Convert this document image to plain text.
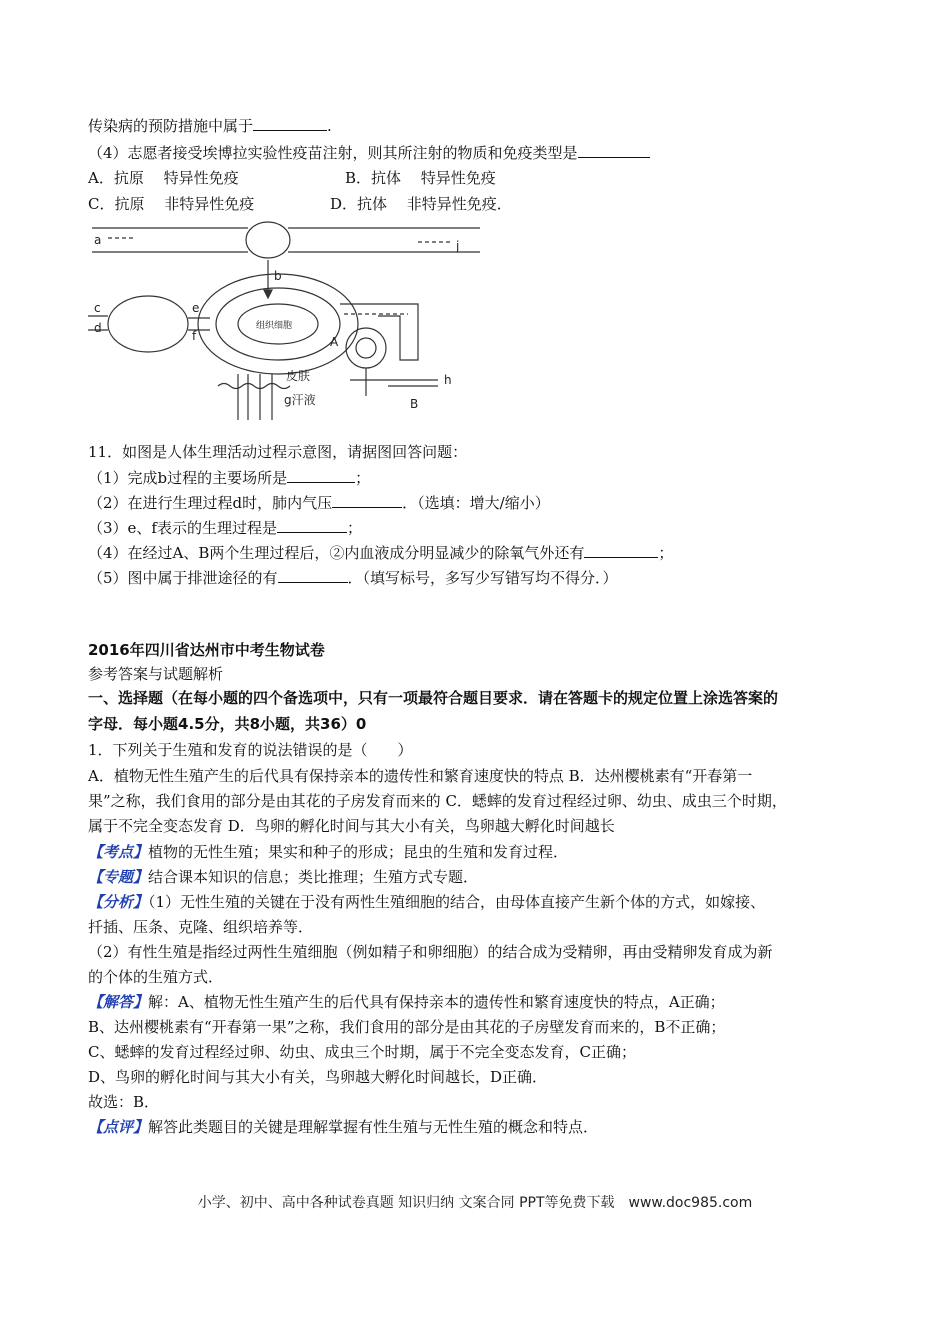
传染病的预防措施中属于	.
（4）志愿者接受埃博拉实验性疫苗注射，则其所注射的物质和免疫类型是
A．抗原　 特异性免疫	B．抗体　 特异性免疫
C．抗原　 非特异性免疫	D．抗体　 非特异性免疫．
a	j
b
c
d
e
f
组织细胞
A
B
h
皮肤
g汗液
11．如图是人体生理活动过程示意图，请据图回答问题：
（1）完成b过程的主要场所是	；
（2）在进行生理过程d时，肺内气压	．（选填：增大/缩小）
（3）e、f表示的生理过程是	；
（4）在经过A、B两个生理过程后，②内血液成分明显减少的除氧气外还有	；
（5）图中属于排泄途径的有	．（填写标号，多写少写错写均不得分．）
2016年四川省达州市中考生物试卷
参考答案与试题解析
一、选择题（在每小题的四个备选项中，只有一项最符合题目要求．请在答题卡的规定位置上涂选答案的
字母．每小题4.5分，共8小题，共36）0
1．下列关于生殖和发育的说法错误的是（　　）
A．植物无性生殖产生的后代具有保持亲本的遗传性和繁育速度快的特点 B．达州樱桃素有“开春第一
果”之称，我们食用的部分是由其花的子房发育而来的 C．蟋蟀的发育过程经过卵、幼虫、成虫三个时期，
属于不完全变态发育 D．鸟卵的孵化时间与其大小有关，鸟卵越大孵化时间越长
【考点】植物的无性生殖；果实和种子的形成；昆虫的生殖和发育过程．
【专题】结合课本知识的信息；类比推理；生殖方式专题．
【分析】（1）无性生殖的关键在于没有两性生殖细胞的结合，由母体直接产生新个体的方式，如嫁接、
扦插、压条、克隆、组织培养等．
（2）有性生殖是指经过两性生殖细胞（例如精子和卵细胞）的结合成为受精卵，再由受精卵发育成为新
的个体的生殖方式．
【解答】解：A、植物无性生殖产生的后代具有保持亲本的遗传性和繁育速度快的特点，A正确；
B、达州樱桃素有“开春第一果”之称，我们食用的部分是由其花的子房壁发育而来的，B不正确；
C、蟋蟀的发育过程经过卵、幼虫、成虫三个时期，属于不完全变态发育，C正确；
D、鸟卵的孵化时间与其大小有关，鸟卵越大孵化时间越长，D正确．
故选：B．
【点评】解答此类题目的关键是理解掌握有性生殖与无性生殖的概念和特点．
小学、初中、高中各种试卷真题 知识归纳 文案合同 PPT等免费下载　www.doc985.com
